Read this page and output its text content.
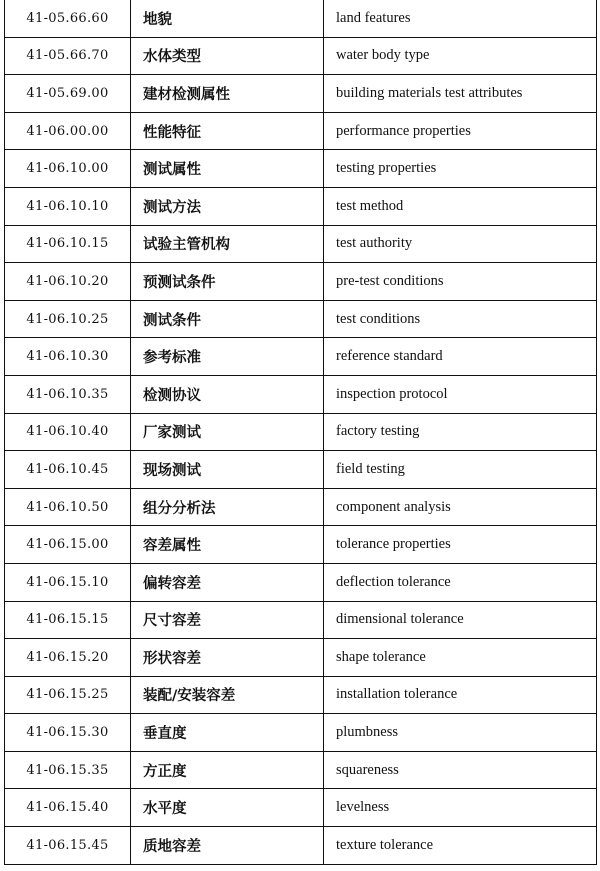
41-05.66.60	地貌	land features
41-05.66.70	水体类型	water body type
41-05.69.00	建材检测属性	building materials test attributes
41-06.00.00	性能特征	performance properties
41-06.10.00	测试属性	testing properties
41-06.10.10	测试方法	test method
41-06.10.15	试验主管机构	test authority
41-06.10.20	预测试条件	pre-test conditions
41-06.10.25	测试条件	test conditions
41-06.10.30	参考标准	reference standard
41-06.10.35	检测协议	inspection protocol
41-06.10.40	厂家测试	factory testing
41-06.10.45	现场测试	field testing
41-06.10.50	组分分析法	component analysis
41-06.15.00	容差属性	tolerance properties
41-06.15.10	偏转容差	deflection tolerance
41-06.15.15	尺寸容差	dimensional tolerance
41-06.15.20	形状容差	shape tolerance
41-06.15.25	装配/安装容差	installation tolerance
41-06.15.30	垂直度	plumbness
41-06.15.35	方正度	squareness
41-06.15.40	水平度	levelness
41-06.15.45	质地容差	texture tolerance
